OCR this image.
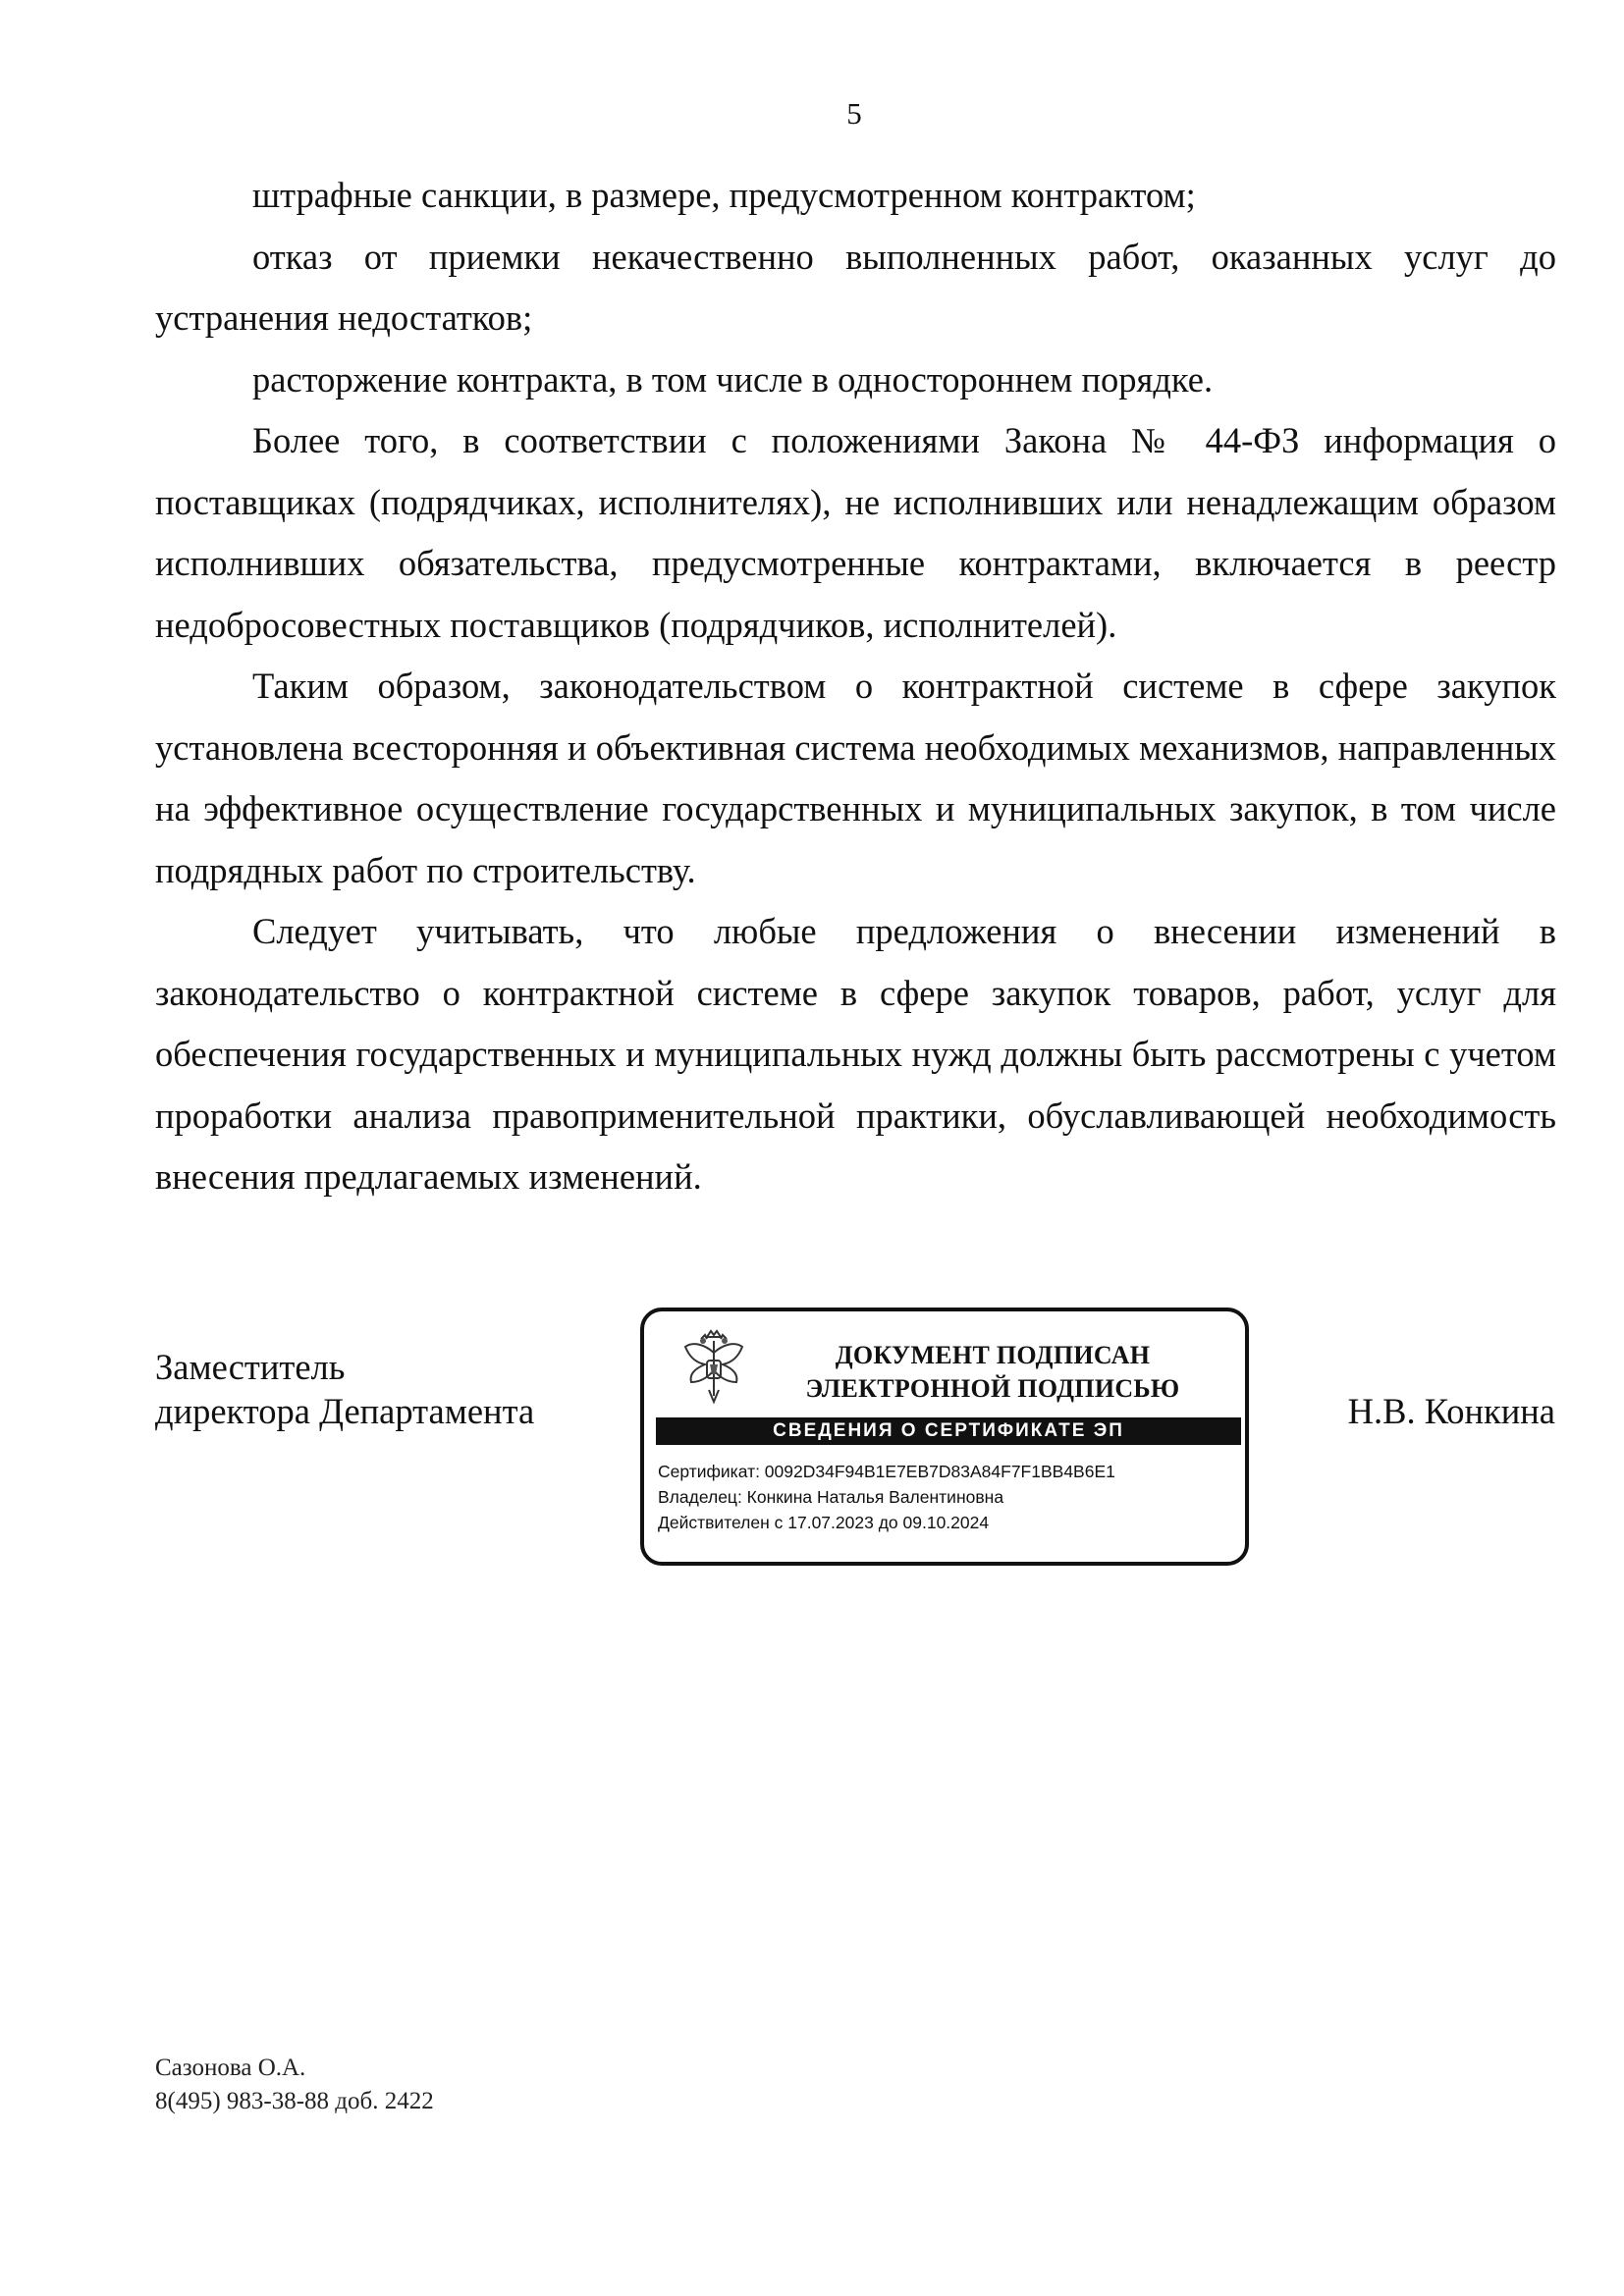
5

штрафные санкции, в размере, предусмотренном контрактом;

отказ от приемки некачественно выполненных работ, оказанных услуг до устранения недостатков;

расторжение контракта, в том числе в одностороннем порядке.

Более того, в соответствии с положениями Закона № 44-ФЗ информация о поставщиках (подрядчиках, исполнителях), не исполнивших или ненадлежащим образом исполнивших обязательства, предусмотренные контрактами, включается в реестр недобросовестных поставщиков (подрядчиков, исполнителей).

Таким образом, законодательством о контрактной системе в сфере закупок установлена всесторонняя и объективная система необходимых механизмов, направленных на эффективное осуществление государственных и муниципальных закупок, в том числе подрядных работ по строительству.

Следует учитывать, что любые предложения о внесении изменений в законодательство о контрактной системе в сфере закупок товаров, работ, услуг для обеспечения государственных и муниципальных нужд должны быть рассмотрены с учетом проработки анализа правоприменительной практики, обуславливающей необходимость внесения предлагаемых изменений.

Заместитель
директора Департамента
ДОКУМЕНТ ПОДПИСАН
ЭЛЕКТРОННОЙ ПОДПИСЬЮ
СВЕДЕНИЯ О СЕРТИФИКАТЕ ЭП
Сертификат: 0092D34F94B1E7EB7D83A84F7F1BB4B6E1
Владелец: Конкина Наталья Валентиновна
Действителен с 17.07.2023 до 09.10.2024
Н.В. Конкина
Сазонова О.А.
8(495) 983-38-88 доб. 2422
